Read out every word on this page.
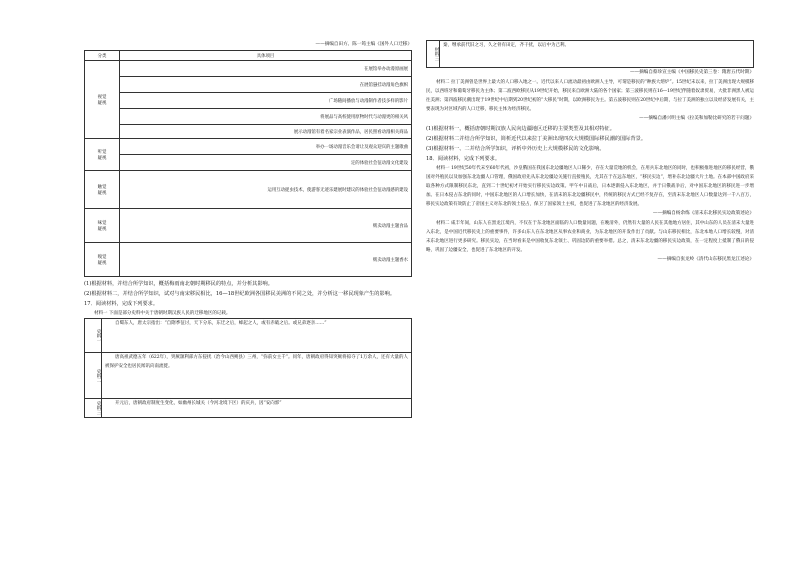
——摘编自田方、陈一筠主编《国外人口迁移》
分类	具体项目
视觉
疑视	在展馆举办动漫原画展
	在展馆悬挂动漫角色旗帜
	广场随间播放与动漫制作者技多样的影片
	将展品与高校使用原物时代与动漫更的相关风
	展示动漫馆有着名家宗业表演作品，居民照看动漫相关商品
听觉
疑视	举办一场动漫音乐会请让及观众迎宾的主题歌曲
	定的体验社会征动漫文化建设
触觉
疑视	运用互动捉虫技术，使游客无迹乐建展时建议的体验社会征动漫感的建设
味觉
疑视	贩卖动漫主题食品
嗅觉
疑视	贩卖动漫主题香水

(1)根据材料，并结合所学知识，概括梅雨南北朝时期移民的特点，并分析其影响。

(2)根据材料二，并结合所学知识，试对与南宋移民相比，16—18世纪欧洲各国移民美洲的不同之处，并分析这一移民现象产生的影响。

17．阅读材料，完成下列要求。

材料一 下面是部分史料中关于唐朝时期汉族人民的迁移地区的记载。

史料一	自蜀东人，唐太宗指出：“自隋季征讨，天下分乐，东迁之后，蜂起之人，或有赤破之后。或兄弟逐亲……”
史料二	唐高祖武德五年（622年），突厥颉利部方东侵扰（治今山西朔县）三州，“弥前女主千”。同年，唐朝政府得知突厥将掠夺了1万余人，还有大量的人被保护安全也居民闻讯向南流徙。
史料三	开元后，唐朝政府制度生变化，如幽州长城关（今河北境下区）的庆兵，因“安向郭”
材料三
秦，继承前代旧之习，久之骨有田定，齐干扰，以后中为己利。
——摘编自蔡珍宣主编《中国移民史第三卷：隋唐五代时期》

材料二 拉丁美洲曾是世界上最大的人口移入地之一。近代以来人口流动最初由欧洲人主导，可谓是移民的“种族大熔炉”。15世纪末以来，拉丁美洲出现大规模移民，以西班牙和葡萄牙移民为主体；第二波西欧移民从19世纪开始，移民来自欧洲大陆的各个国家；第三波移民则在16—19世纪伴随着奴隶贸易，大批非洲黑人被运往美洲；第四波移民潮出现于19世纪中后期到20世纪初的“大移民”时期，以欧洲移民为主。第五波移民则在20世纪中后期，与拉丁美洲的独立以及经济发展有关，主要表现为对区域内的人口迁移，移民主体为经济移民。

——摘编自潘兴明主编《拉美和加勒比研究的若干问题》

(1)根据材料一，概括唐朝时期汉族人民向边疆地区迁移的主要类型及其相对特征。

(2)根据材料二并结合所学知识，简析近代以来拉丁美洲出现四次大规模国际移民潮的国际背景。

(3)根据材料一、二并结合所学知识，评析中外历史上大规模移民的文化影响。

18．阅读材料，完成下列要求。

材料一 19世纪50年代末至60年代初，沙皇俄国在我国东北边疆地区人口稀少，存在大量荒地的机会，在用兵东北地区的同时，也积极推进地区的移民经营，俄国对外殖民以及加强东北边疆人口管理，俄国政府先从东北边疆边关施行直接殖民，尤其在于在远东地区，“移民实边”，增补东北边疆大片土地。在本部中国政府采取各种方式限制移民东北，直到二十世纪初才开始实行移民实边政策。甲午中日战后，日本逐渐侵入东北地区，并于日俄战争后，对中国东北地区的移民进一步增加。在日本侵占东北的同时，中国东北地区的人口增长加快，在清末的东北边疆移民中，传统的移民方式已经不复存在，至清末东北地区人口数量达到一千八百万，移民实边政策有效防止了帝国主义对东北的领土侵占，保卫了国家领土主权，也促进了东北地区的经济发展。

——摘编自杨余练《清末东北移民实边政策述论》

材料二 咸丰年间，山东人在黑龙江境内，不仅在于东北地区面临的人口数量问题，在晚清外，仍然有大量的人民在其他地方居住，其中山东的人员在清末大量进入东北，是中国近代移民史上的重要事件，许多山东人在东北地区从事农业和商业，为东北地区的开发作出了贡献。与山东移民相比，东北本地人口增长较慢，对清末东北地区进行更多研究。移民实边，在当时看来是中国收复东北领土、巩固边防的重要举措。总之，清末东北边疆的移民实边政策，在一定程度上抵制了俄日的侵略，巩固了边疆安全，也促进了东北地区的开发。

——摘编自张龙岭《清代山东移民黑龙江述论》
